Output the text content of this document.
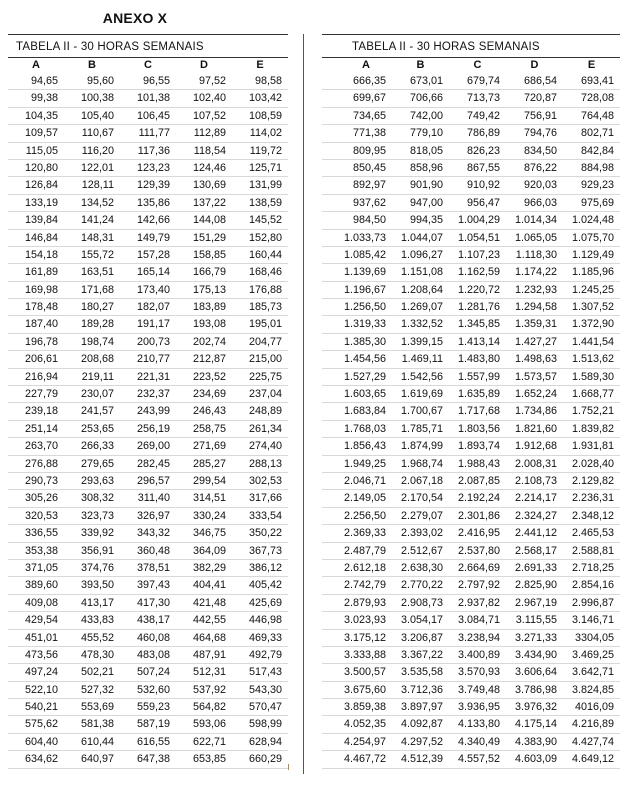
ANEXO X
TABELA II - 30 HORAS SEMANAIS
A	B	C	D	E
94,65	95,60	96,55	97,52	98,58
99,38	100,38	101,38	102,40	103,42
104,35	105,40	106,45	107,52	108,59
109,57	110,67	111,77	112,89	114,02
115,05	116,20	117,36	118,54	119,72
120,80	122,01	123,23	124,46	125,71
126,84	128,11	129,39	130,69	131,99
133,19	134,52	135,86	137,22	138,59
139,84	141,24	142,66	144,08	145,52
146,84	148,31	149,79	151,29	152,80
154,18	155,72	157,28	158,85	160,44
161,89	163,51	165,14	166,79	168,46
169,98	171,68	173,40	175,13	176,88
178,48	180,27	182,07	183,89	185,73
187,40	189,28	191,17	193,08	195,01
196,78	198,74	200,73	202,74	204,77
206,61	208,68	210,77	212,87	215,00
216,94	219,11	221,31	223,52	225,75
227,79	230,07	232,37	234,69	237,04
239,18	241,57	243,99	246,43	248,89
251,14	253,65	256,19	258,75	261,34
263,70	266,33	269,00	271,69	274,40
276,88	279,65	282,45	285,27	288,13
290,73	293,63	296,57	299,54	302,53
305,26	308,32	311,40	314,51	317,66
320,53	323,73	326,97	330,24	333,54
336,55	339,92	343,32	346,75	350,22
353,38	356,91	360,48	364,09	367,73
371,05	374,76	378,51	382,29	386,12
389,60	393,50	397,43	404,41	405,42
409,08	413,17	417,30	421,48	425,69
429,54	433,83	438,17	442,55	446,98
451,01	455,52	460,08	464,68	469,33
473,56	478,30	483,08	487,91	492,79
497,24	502,21	507,24	512,31	517,43
522,10	527,32	532,60	537,92	543,30
540,21	553,69	559,23	564,82	570,47
575,62	581,38	587,19	593,06	598,99
604,40	610,44	616,55	622,71	628,94
634,62	640,97	647,38	653,85	660,29
TABELA II - 30 HORAS SEMANAIS
A	B	C	D	E
666,35	673,01	679,74	686,54	693,41
699,67	706,66	713,73	720,87	728,08
734,65	742,00	749,42	756,91	764,48
771,38	779,10	786,89	794,76	802,71
809,95	818,05	826,23	834,50	842,84
850,45	858,96	867,55	876,22	884,98
892,97	901,90	910,92	920,03	929,23
937,62	947,00	956,47	966,03	975,69
984,50	994,35	1.004,29	1.014,34	1.024,48
1.033,73	1.044,07	1.054,51	1.065,05	1.075,70
1.085,42	1.096,27	1.107,23	1.118,30	1.129,49
1.139,69	1.151,08	1.162,59	1.174,22	1.185,96
1.196,67	1.208,64	1.220,72	1.232,93	1.245,25
1.256,50	1.269,07	1.281,76	1.294,58	1.307,52
1.319,33	1.332,52	1.345,85	1.359,31	1.372,90
1.385,30	1.399,15	1.413,14	1.427,27	1.441,54
1.454,56	1.469,11	1.483,80	1.498,63	1.513,62
1.527,29	1.542,56	1.557,99	1.573,57	1.589,30
1.603,65	1.619,69	1.635,89	1.652,24	1.668,77
1.683,84	1.700,67	1.717,68	1.734,86	1.752,21
1.768,03	1.785,71	1.803,56	1.821,60	1.839,82
1.856,43	1.874,99	1.893,74	1.912,68	1.931,81
1.949,25	1.968,74	1.988,43	2.008,31	2.028,40
2.046,71	2.067,18	2.087,85	2.108,73	2.129,82
2.149,05	2.170,54	2.192,24	2.214,17	2.236,31
2.256,50	2.279,07	2.301,86	2.324,27	2.348,12
2.369,33	2.393,02	2.416,95	2.441,12	2.465,53
2.487,79	2.512,67	2.537,80	2.568,17	2.588,81
2.612,18	2.638,30	2.664,69	2.691,33	2.718,25
2.742,79	2.770,22	2.797,92	2.825,90	2.854,16
2.879,93	2.908,73	2.937,82	2.967,19	2.996,87
3.023,93	3.054,17	3.084,71	3.115,55	3.146,71
3.175,12	3.206,87	3.238,94	3.271,33	3304,05
3.333,88	3.367,22	3.400,89	3.434,90	3.469,25
3.500,57	3.535,58	3.570,93	3.606,64	3.642,71
3.675,60	3.712,36	3.749,48	3.786,98	3.824,85
3.859,38	3.897,97	3.936,95	3.976,32	4016,09
4.052,35	4.092,87	4.133,80	4.175,14	4.216,89
4.254,97	4.297,52	4.340,49	4.383,90	4.427,74
4.467,72	4.512,39	4.557,52	4.603,09	4.649,12
